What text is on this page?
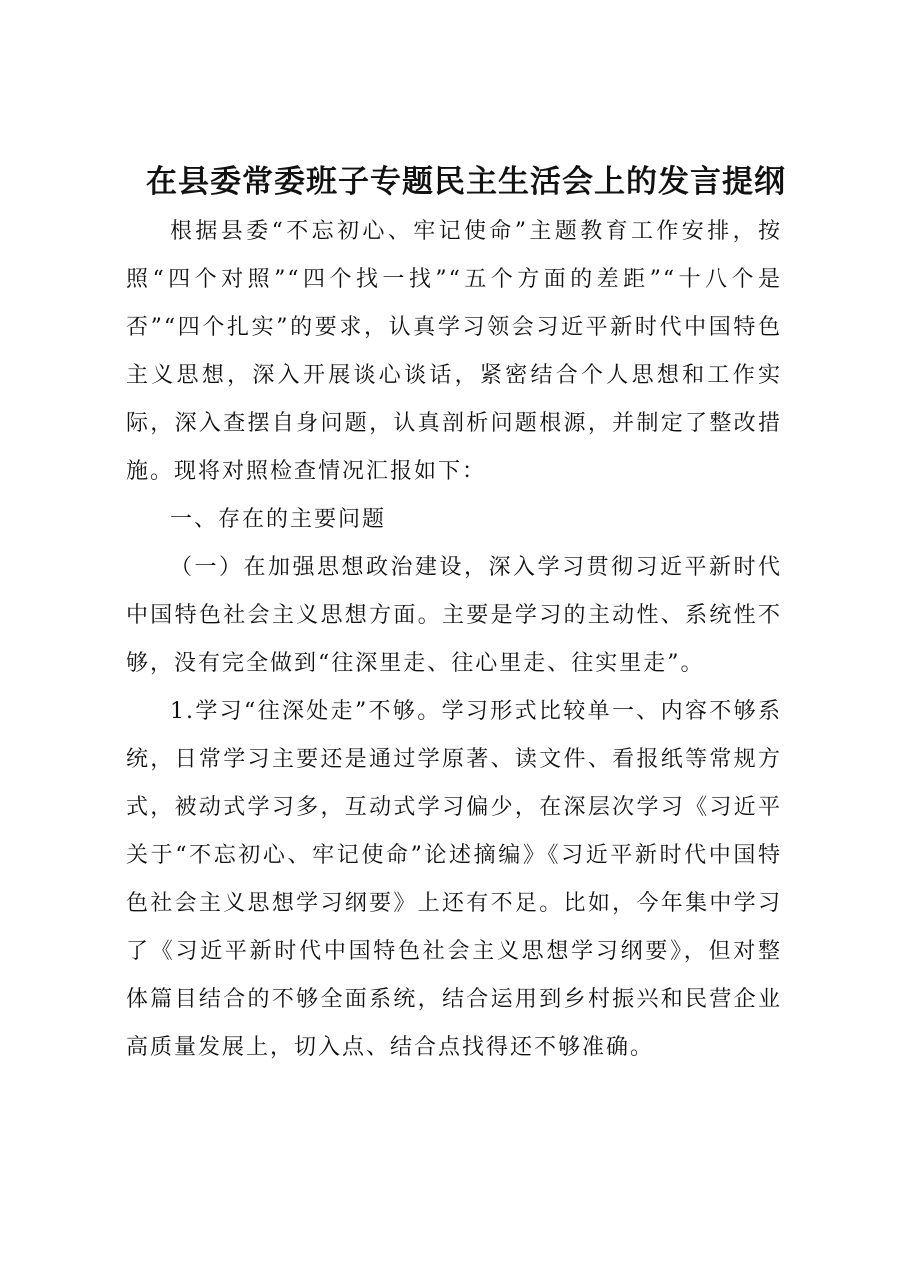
在县委常委班子专题民主生活会上的发言提纲

根据县委“不忘初心、牢记使命”主题教育工作安排，按照“四个对照”“四个找一找”“五个方面的差距”“十八个是否”“四个扎实”的要求，认真学习领会习近平新时代中国特色主义思想，深入开展谈心谈话，紧密结合个人思想和工作实际，深入查摆自身问题，认真剖析问题根源，并制定了整改措施。现将对照检查情况汇报如下：

一、存在的主要问题

（一）在加强思想政治建设，深入学习贯彻习近平新时代中国特色社会主义思想方面。主要是学习的主动性、系统性不够，没有完全做到“往深里走、往心里走、往实里走”。

1.学习“往深处走”不够。学习形式比较单一、内容不够系统，日常学习主要还是通过学原著、读文件、看报纸等常规方式，被动式学习多，互动式学习偏少，在深层次学习《习近平关于“不忘初心、牢记使命”论述摘编》《习近平新时代中国特色社会主义思想学习纲要》上还有不足。比如，今年集中学习了《习近平新时代中国特色社会主义思想学习纲要》，但对整体篇目结合的不够全面系统，结合运用到乡村振兴和民营企业高质量发展上，切入点、结合点找得还不够准确。
